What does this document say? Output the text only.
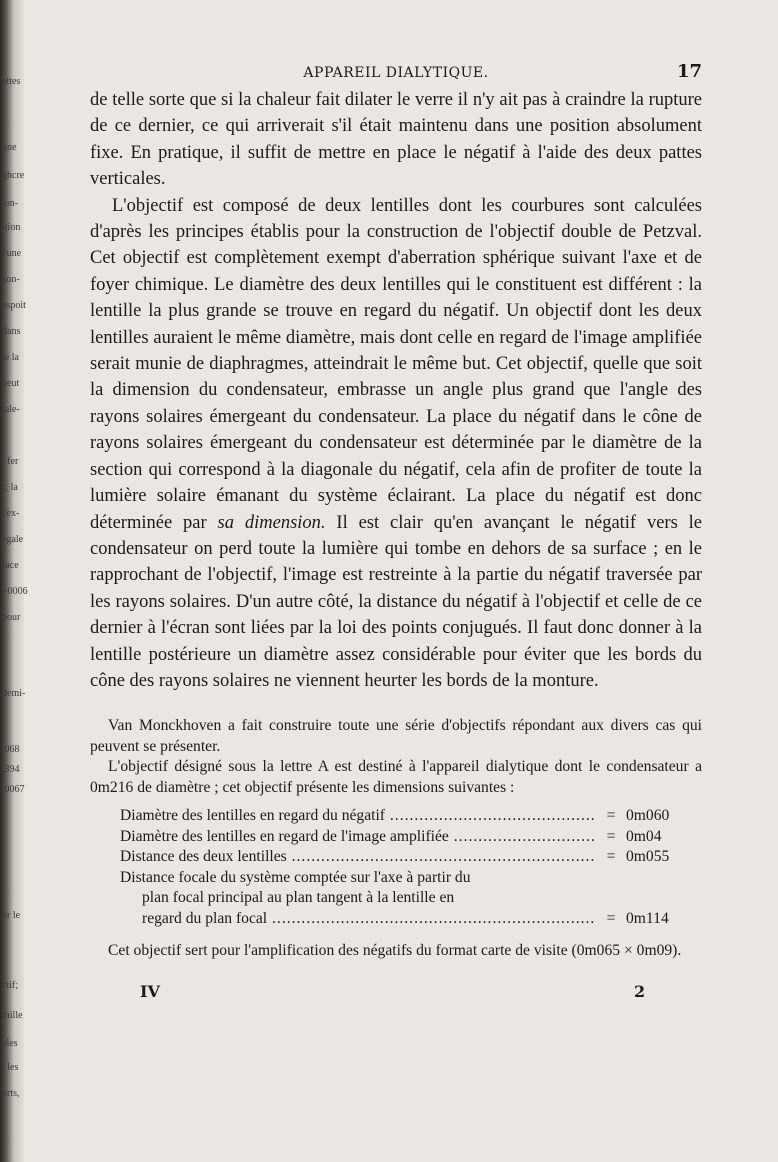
ettes
une
ghcre
lon-
ition
l'une
zon-
espoit
dans
le la
peut
tale-
; fer
r; la
l'ex-
egale
face
=0006
pour
demi-
,068
,394
,0067
ur le
ctif;
mille
ales
; les
orts,
APPAREIL DIALYTIQUE.	17

de telle sorte que si la chaleur fait dilater le verre il n'y ait pas à craindre la rupture de ce dernier, ce qui arriverait s'il était maintenu dans une position absolument fixe. En pratique, il suffit de mettre en place le négatif à l'aide des deux pattes verticales.

L'objectif est composé de deux lentilles dont les courbures sont calculées d'après les principes établis pour la construction de l'objectif double de Petzval. Cet objectif est complètement exempt d'aberration sphérique suivant l'axe et de foyer chimique. Le diamètre des deux lentilles qui le constituent est différent : la lentille la plus grande se trouve en regard du négatif. Un objectif dont les deux lentilles auraient le même diamètre, mais dont celle en regard de l'image amplifiée serait munie de diaphragmes, atteindrait le même but. Cet objectif, quelle que soit la dimension du condensateur, embrasse un angle plus grand que l'angle des rayons solaires émergeant du condensateur. La place du négatif dans le cône de rayons solaires émergeant du condensateur est déterminée par le diamètre de la section qui correspond à la diagonale du négatif, cela afin de profiter de toute la lumière solaire émanant du système éclairant. La place du négatif est donc déterminée par sa dimension. Il est clair qu'en avançant le négatif vers le condensateur on perd toute la lumière qui tombe en dehors de sa surface ; en le rapprochant de l'objectif, l'image est restreinte à la partie du négatif traversée par les rayons solaires. D'un autre côté, la distance du négatif à l'objectif et celle de ce dernier à l'écran sont liées par la loi des points conjugués. Il faut donc donner à la lentille postérieure un diamètre assez considérable pour éviter que les bords du cône des rayons solaires ne viennent heurter les bords de la monture.

Van Monckhoven a fait construire toute une série d'objectifs répondant aux divers cas qui peuvent se présenter.

L'objectif désigné sous la lettre A est destiné à l'appareil dialytique dont le condensateur a 0m216 de diamètre ; cet objectif présente les dimensions suivantes :

Diamètre des lentilles en regard du négatif .....	= 0m060
Diamètre des lentilles en regard de l'image amplifiée .....	= 0m04
Distance des deux lentilles .....	= 0m055
Distance focale du système comptée sur l'axe à partir du
plan focal principal au plan tangent à la lentille en
regard du plan focal .....	= 0m114

Cet objectif sert pour l'amplification des négatifs du format carte de visite (0m065 × 0m09).

IV	2
